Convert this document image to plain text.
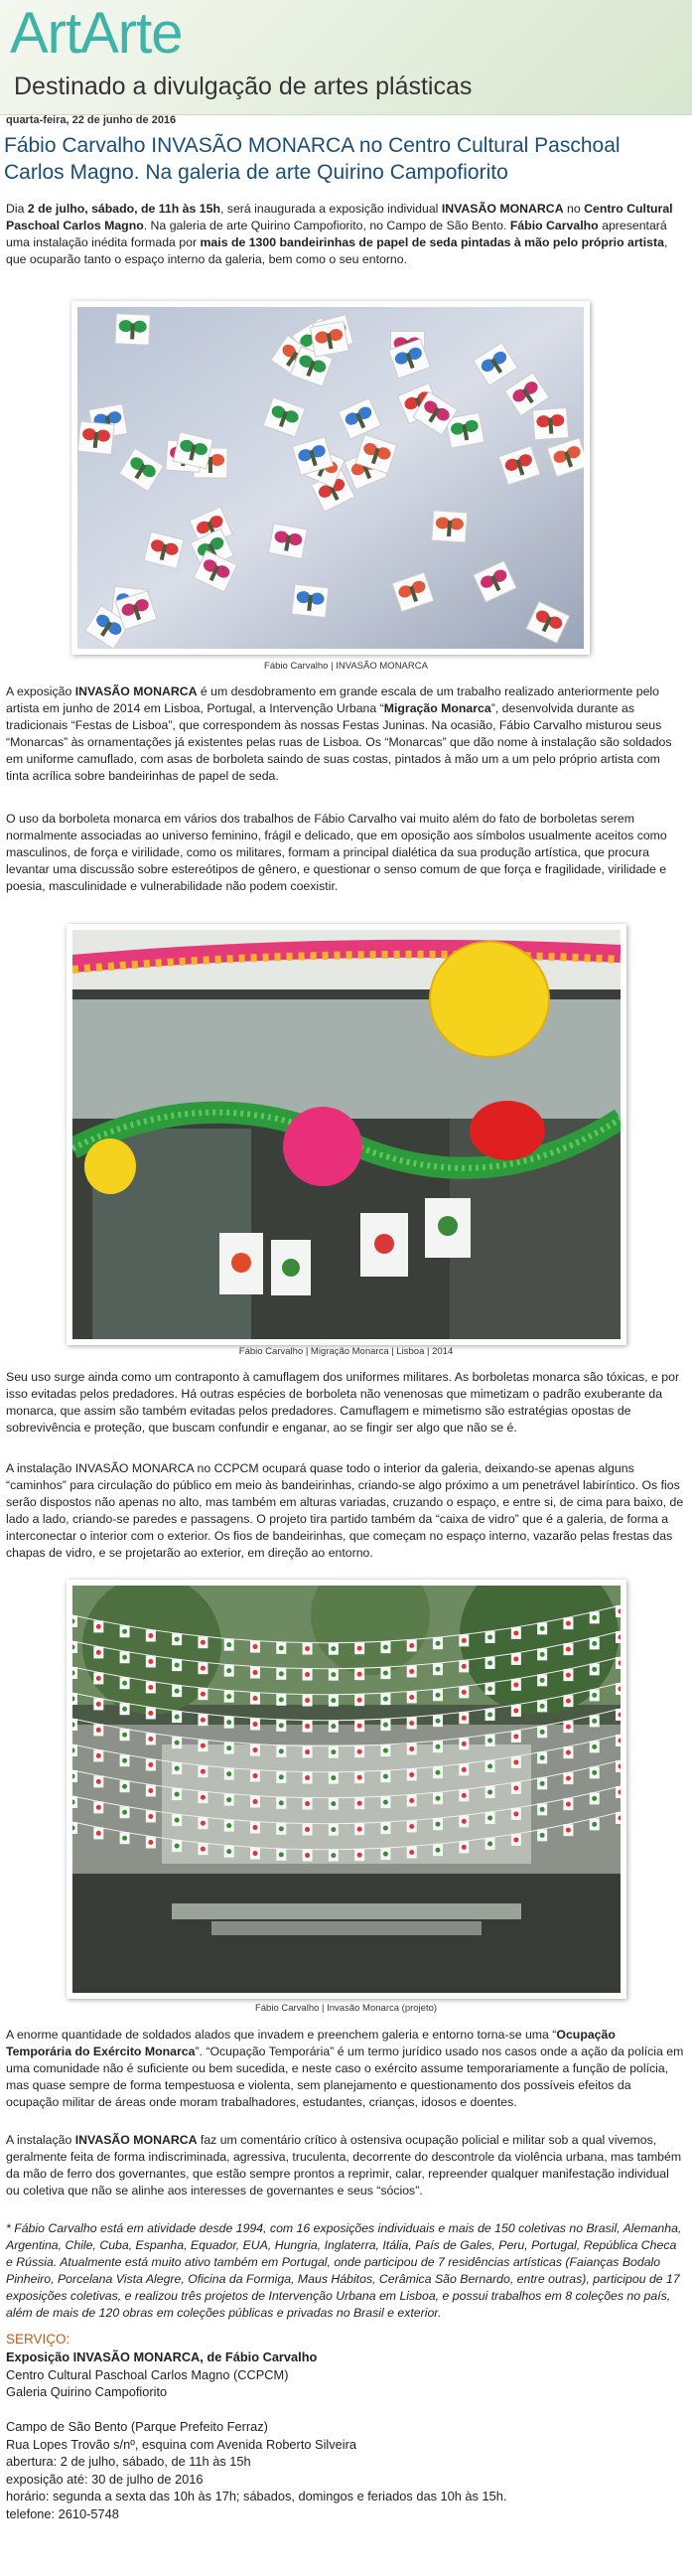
ArtArte
Destinado a divulgação de artes plásticas
quarta-feira, 22 de junho de 2016
Fábio Carvalho INVASÃO MONARCA no Centro Cultural Paschoal Carlos Magno. Na galeria de arte Quirino Campofiorito

Dia 2 de julho, sábado, de 11h às 15h, será inaugurada a exposição individual INVASÃO MONARCA no Centro Cultural Paschoal Carlos Magno. Na galeria de arte Quirino Campofiorito, no Campo de São Bento. Fábio Carvalho apresentará uma instalação inédita formada por mais de 1300 bandeirinhas de papel de seda pintadas à mão pelo próprio artista, que ocuparão tanto o espaço interno da galeria, bem como o seu entorno.

Fábio Carvalho | INVASÃO MONARCA

A exposição INVASÃO MONARCA é um desdobramento em grande escala de um trabalho realizado anteriormente pelo artista em junho de 2014 em Lisboa, Portugal, a Intervenção Urbana “Migração Monarca”, desenvolvida durante as tradicionais “Festas de Lisboa”, que correspondem às nossas Festas Juninas. Na ocasião, Fábio Carvalho misturou seus “Monarcas” às ornamentações já existentes pelas ruas de Lisboa. Os “Monarcas” que dão nome à instalação são soldados em uniforme camuflado, com asas de borboleta saindo de suas costas, pintados à mão um a um pelo próprio artista com tinta acrílica sobre bandeirinhas de papel de seda.

O uso da borboleta monarca em vários dos trabalhos de Fábio Carvalho vai muito além do fato de borboletas serem normalmente associadas ao universo feminino, frágil e delicado, que em oposição aos símbolos usualmente aceitos como masculinos, de força e virilidade, como os militares, formam a principal dialética da sua produção artística, que procura levantar uma discussão sobre estereótipos de gênero, e questionar o senso comum de que força e fragilidade, virilidade e poesia, masculinidade e vulnerabilidade não podem coexistir.

Fábio Carvalho | Migração Monarca | Lisboa | 2014

Seu uso surge ainda como um contraponto à camuflagem dos uniformes militares. As borboletas monarca são tóxicas, e por isso evitadas pelos predadores. Há outras espécies de borboleta não venenosas que mimetizam o padrão exuberante da monarca, que assim são também evitadas pelos predadores. Camuflagem e mimetismo são estratégias opostas de sobrevivência e proteção, que buscam confundir e enganar, ao se fingir ser algo que não se é.

A instalação INVASÃO MONARCA no CCPCM ocupará quase todo o interior da galeria, deixando-se apenas alguns “caminhos” para circulação do público em meio às bandeirinhas, criando-se algo próximo a um penetrável labiríntico. Os fios serão dispostos não apenas no alto, mas também em alturas variadas, cruzando o espaço, e entre si, de cima para baixo, de lado a lado, criando-se paredes e passagens. O projeto tira partido também da “caixa de vidro” que é a galeria, de forma a interconectar o interior com o exterior. Os fios de bandeirinhas, que começam no espaço interno, vazarão pelas frestas das chapas de vidro, e se projetarão ao exterior, em direção ao entorno.

Fábio Carvalho | Invasão Monarca (projeto)

A enorme quantidade de soldados alados que invadem e preenchem galeria e entorno torna-se uma “Ocupação Temporária do Exército Monarca”. “Ocupação Temporária” é um termo jurídico usado nos casos onde a ação da polícia em uma comunidade não é suficiente ou bem sucedida, e neste caso o exército assume temporariamente a função de polícia, mas quase sempre de forma tempestuosa e violenta, sem planejamento e questionamento dos possíveis efeitos da ocupação militar de áreas onde moram trabalhadores, estudantes, crianças, idosos e doentes.

A instalação INVASÃO MONARCA faz um comentário crítico à ostensiva ocupação policial e militar sob a qual vivemos, geralmente feita de forma indiscriminada, agressiva, truculenta, decorrente do descontrole da violência urbana, mas também da mão de ferro dos governantes, que estão sempre prontos a reprimir, calar, repreender qualquer manifestação individual ou coletiva que não se alinhe aos interesses de governantes e seus “sócios”.

* Fábio Carvalho está em atividade desde 1994, com 16 exposições individuais e mais de 150 coletivas no Brasil, Alemanha, Argentina, Chile, Cuba, Espanha, Equador, EUA, Hungria, Inglaterra, Itália, País de Gales, Peru, Portugal, República Checa e Rússia. Atualmente está muito ativo também em Portugal, onde participou de 7 residências artísticas (Faianças Bodalo Pinheiro, Porcelana Vista Alegre, Oficina da Formiga, Maus Hábitos, Cerâmica São Bernardo, entre outras), participou de 17 exposições coletivas, e realizou três projetos de Intervenção Urbana em Lisboa, e possui trabalhos em 8 coleções no país, além de mais de 120 obras em coleções públicas e privadas no Brasil e exterior.

SERVIÇO:
Exposição INVASÃO MONARCA, de Fábio Carvalho
Centro Cultural Paschoal Carlos Magno (CCPCM)
Galeria Quirino Campofiorito
Campo de São Bento (Parque Prefeito Ferraz)
Rua Lopes Trovão s/nº, esquina com Avenida Roberto Silveira
abertura: 2 de julho, sábado, de 11h às 15h
exposição até: 30 de julho de 2016
horário: segunda a sexta das 10h às 17h; sábados, domingos e feriados das 10h às 15h.
telefone: 2610-5748
